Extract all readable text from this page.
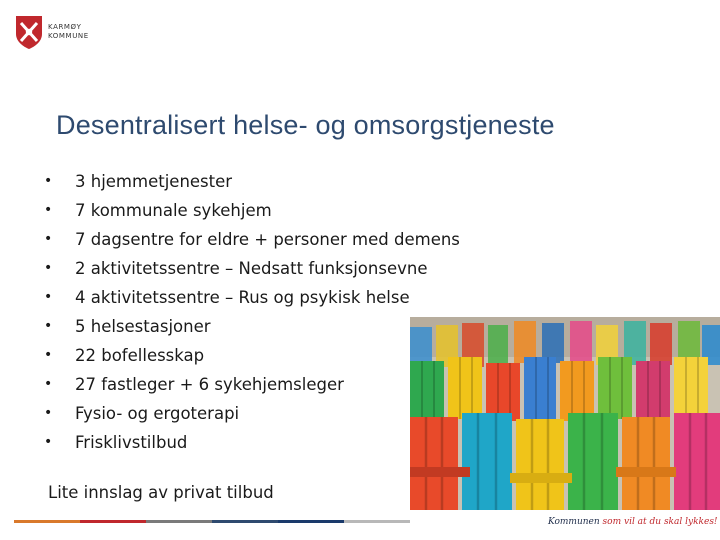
KARMØY
KOMMUNE
Desentralisert helse- og omsorgstjeneste
• 3 hjemmetjenester
• 7 kommunale sykehjem
• 7 dagsentre for eldre + personer med demens
• 2 aktivitetssentre – Nedsatt funksjonsevne
• 4 aktivitetssentre – Rus og psykisk helse
• 5 helsestasjoner
• 22 bofellesskap
• 27 fastleger + 6 sykehjemsleger
• Fysio- og ergoterapi
• Frisklivstilbud
Lite innslag av privat tilbud
Kommunen som vil at du skal lykkes!
